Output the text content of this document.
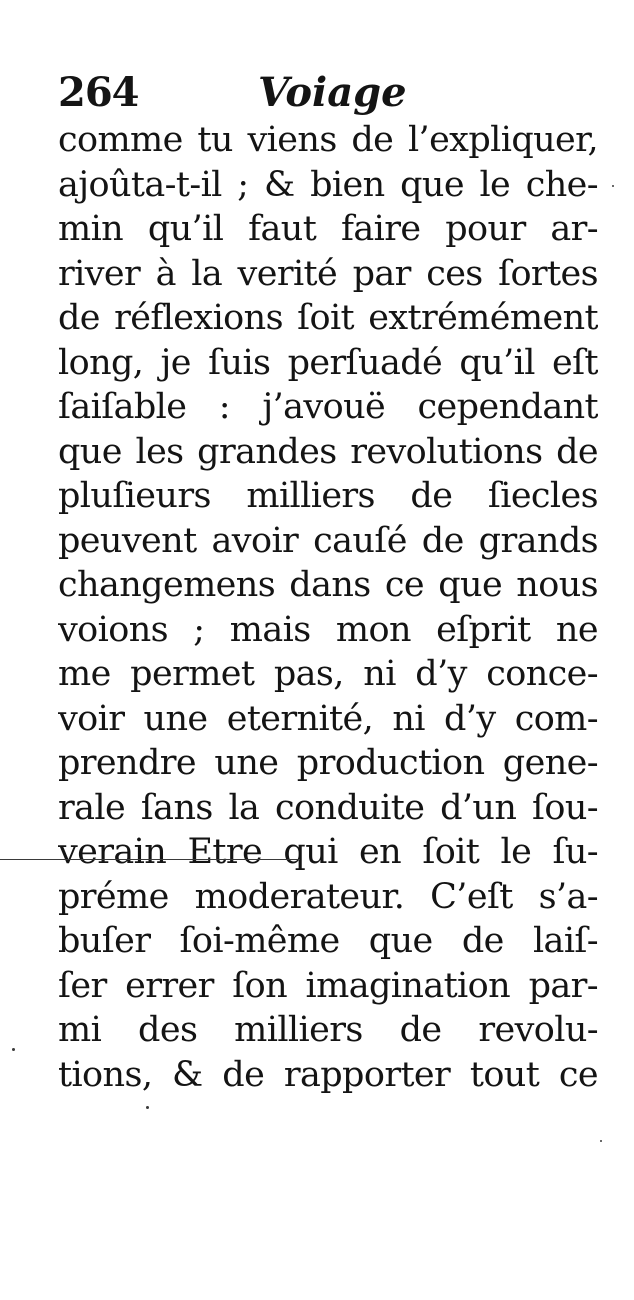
264	Voiage
comme tu viens de l’expliquer,
ajoûta-t-il ; & bien que le che-
min qu’il faut faire pour ar-
river à la verité par ces ſortes
de réflexions ſoit extrémément
long, je ſuis perſuadé qu’il eſt
ſaiſable : j’avouë cependant
que les grandes revolutions de
pluſieurs milliers de ſiecles
peuvent avoir cauſé de grands
changemens dans ce que nous
voions ; mais mon eſprit ne
me permet pas, ni d’y conce-
voir une eternité, ni d’y com-
prendre une production gene-
rale ſans la conduite d’un ſou-
verain Etre qui en ſoit le ſu-
préme moderateur. C’eſt s’a-
buſer ſoi-même que de laiſ-
ſer errer ſon imagination par-
mi des milliers de revolu-
tions, & de rapporter tout ce
